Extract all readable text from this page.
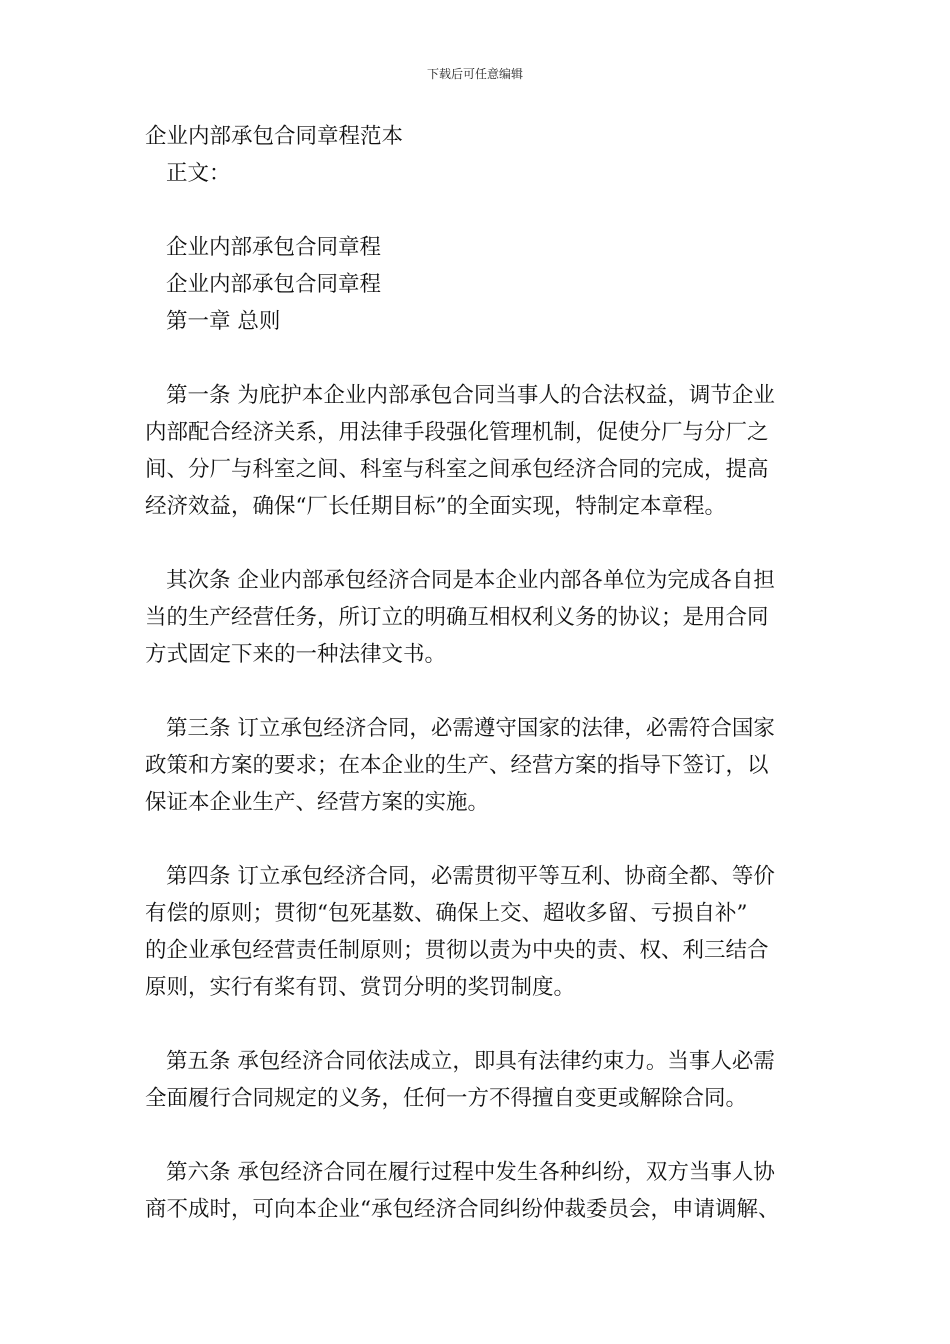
下载后可任意编辑
企业内部承包合同章程范本
正文：
企业内部承包合同章程
企业内部承包合同章程
第一章 总则
第一条 为庇护本企业内部承包合同当事人的合法权益，调节企业
内部配合经济关系，用法律手段强化管理机制，促使分厂与分厂之
间、分厂与科室之间、科室与科室之间承包经济合同的完成，提高
经济效益，确保“厂长任期目标”的全面实现，特制定本章程。
其次条 企业内部承包经济合同是本企业内部各单位为完成各自担
当的生产经营任务，所订立的明确互相权利义务的协议；是用合同
方式固定下来的一种法律文书。
第三条 订立承包经济合同，必需遵守国家的法律，必需符合国家
政策和方案的要求；在本企业的生产、经营方案的指导下签订，以
保证本企业生产、经营方案的实施。
第四条 订立承包经济合同，必需贯彻平等互利、协商全都、等价
有偿的原则；贯彻“包死基数、确保上交、超收多留、亏损自补”
的企业承包经营责任制原则；贯彻以责为中央的责、权、利三结合
原则，实行有桨有罚、赏罚分明的奖罚制度。
第五条 承包经济合同依法成立，即具有法律约束力。当事人必需
全面履行合同规定的义务，任何一方不得擅自变更或解除合同。
第六条 承包经济合同在履行过程中发生各种纠纷，双方当事人协
商不成时，可向本企业“承包经济合同纠纷仲裁委员会，申请调解、
